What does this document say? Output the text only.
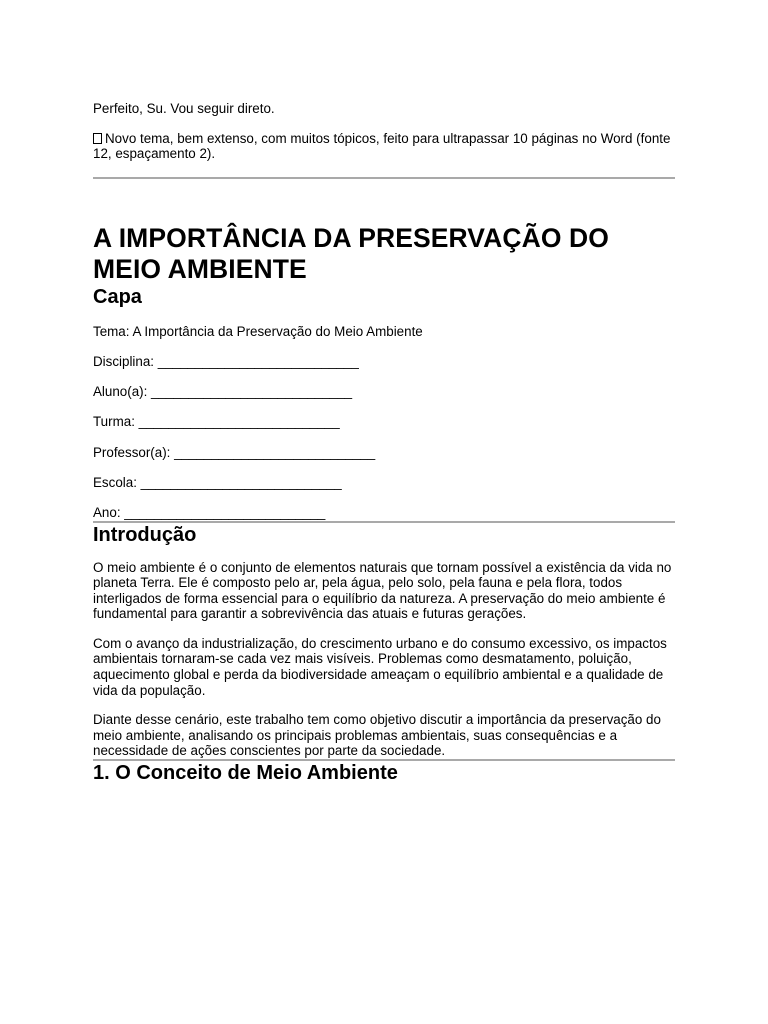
Perfeito, Su. Vou seguir direto.

Novo tema, bem extenso, com muitos tópicos, feito para ultrapassar 10 páginas no Word (fonte 12, espaçamento 2).

A IMPORTÂNCIA DA PRESERVAÇÃO DO MEIO AMBIENTE
Capa

Tema: A Importância da Preservação do Meio Ambiente

Disciplina: ___________________________

Aluno(a): ___________________________

Turma: ___________________________

Professor(a): ___________________________

Escola: ___________________________

Ano: ___________________________

Introdução

O meio ambiente é o conjunto de elementos naturais que tornam possível a existência da vida no planeta Terra. Ele é composto pelo ar, pela água, pelo solo, pela fauna e pela flora, todos interligados de forma essencial para o equilíbrio da natureza. A preservação do meio ambiente é fundamental para garantir a sobrevivência das atuais e futuras gerações.

Com o avanço da industrialização, do crescimento urbano e do consumo excessivo, os impactos ambientais tornaram-se cada vez mais visíveis. Problemas como desmatamento, poluição, aquecimento global e perda da biodiversidade ameaçam o equilíbrio ambiental e a qualidade de vida da população.

Diante desse cenário, este trabalho tem como objetivo discutir a importância da preservação do meio ambiente, analisando os principais problemas ambientais, suas consequências e a necessidade de ações conscientes por parte da sociedade.

1. O Conceito de Meio Ambiente
